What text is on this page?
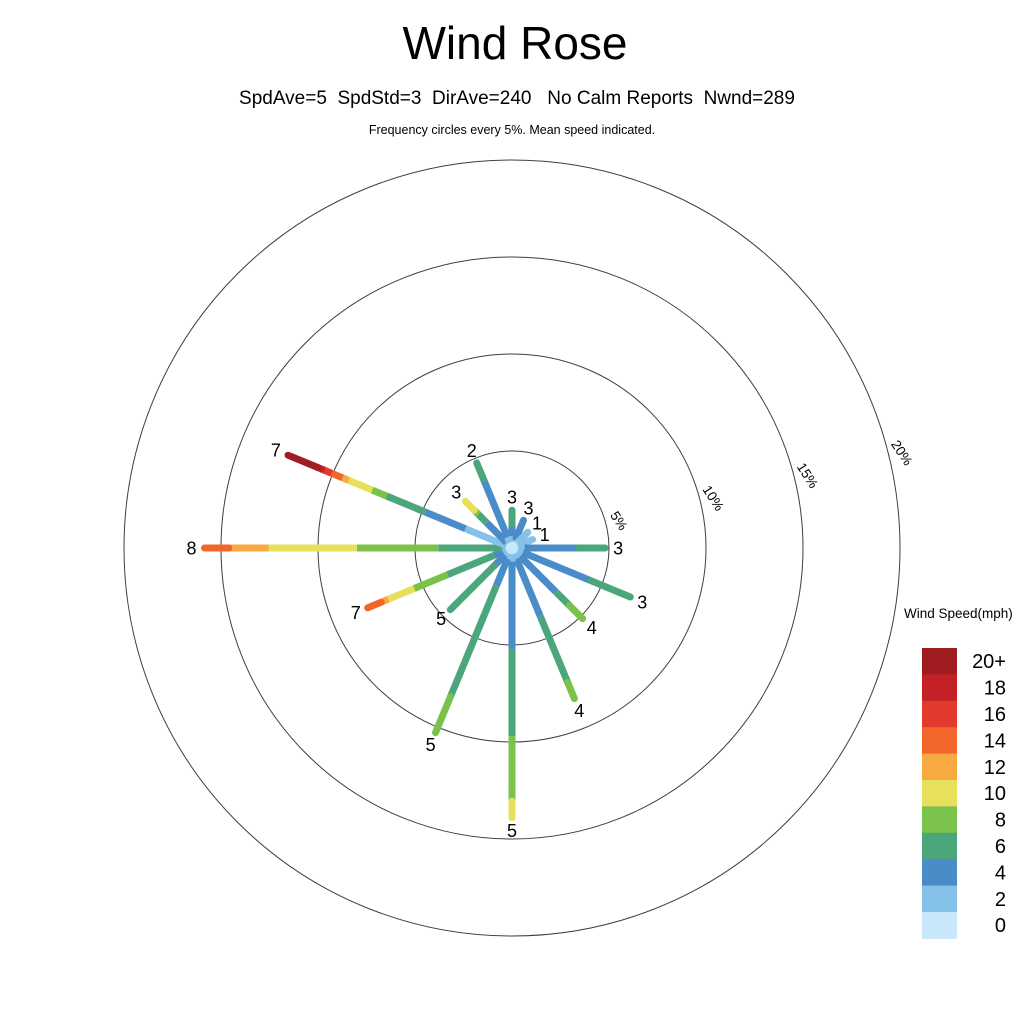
5%
10%
15%
20%
3
3
1
1
3
3
4
4
5
5
5
7
8
7
3
2
20+
18
16
14
12
10
8
6
4
2
0
Wind Rose
SpdAve=5  SpdStd=3  DirAve=240   No Calm Reports  Nwnd=289
Frequency circles every 5%. Mean speed indicated.
Wind Speed(mph)
